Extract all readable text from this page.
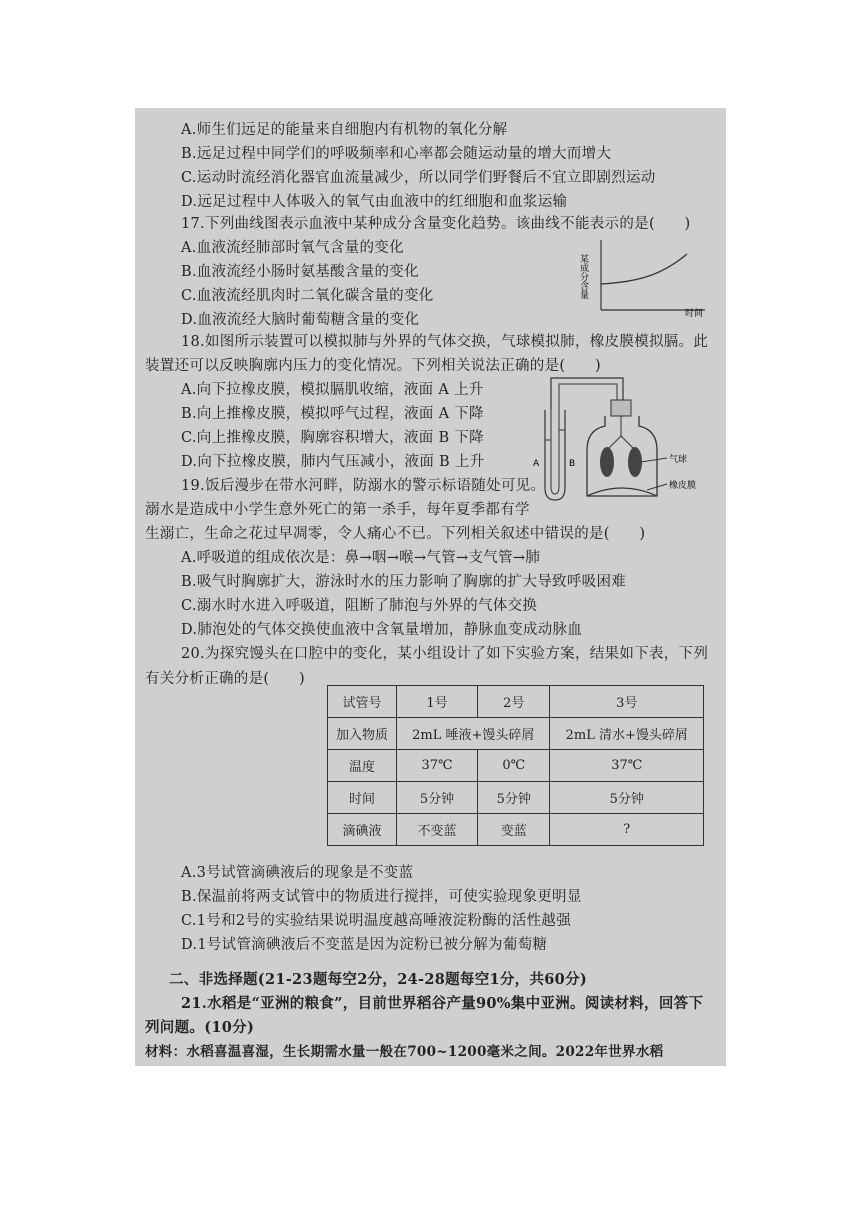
A.师生们远足的能量来自细胞内有机物的氧化分解
B.远足过程中同学们的呼吸频率和心率都会随运动量的增大而增大
C.运动时流经消化器官血流量减少，所以同学们野餐后不宜立即剧烈运动
D.远足过程中人体吸入的氧气由血液中的红细胞和血浆运输
17.下列曲线图表示血液中某种成分含量变化趋势。该曲线不能表示的是(　　)
A.血液流经肺部时氧气含量的变化
B.血液流经小肠时氨基酸含量的变化
C.血液流经肌肉时二氧化碳含量的变化
D.血液流经大脑时葡萄糖含量的变化
某成分含量
时间
18.如图所示装置可以模拟肺与外界的气体交换，气球模拟肺，橡皮膜模拟膈。此
装置还可以反映胸廓内压力的变化情况。下列相关说法正确的是(　　)
A.向下拉橡皮膜，模拟膈肌收缩，液面 A 上升
B.向上推橡皮膜，模拟呼气过程，液面 A 下降
C.向上推橡皮膜，胸廓容积增大，液面 B 下降
D.向下拉橡皮膜，肺内气压减小，液面 B 上升	A	B	气球
橡皮膜
19.饭后漫步在带水河畔，防溺水的警示标语随处可见。
溺水是造成中小学生意外死亡的第一杀手，每年夏季都有学
生溺亡，生命之花过早凋零，令人痛心不已。下列相关叙述中错误的是(　　)
A.呼吸道的组成依次是：鼻→咽→喉→气管→支气管→肺
B.吸气时胸廓扩大，游泳时水的压力影响了胸廓的扩大导致呼吸困难
C.溺水时水进入呼吸道，阻断了肺泡与外界的气体交换
D.肺泡处的气体交换使血液中含氧量增加，静脉血变成动脉血
20.为探究馒头在口腔中的变化，某小组设计了如下实验方案，结果如下表，下列
有关分析正确的是(　　)
试管号	1号	2号	3号
加入物质	2mL 唾液+馒头碎屑		2mL 清水+馒头碎屑
温度	37℃	0℃	37℃
时间	5分钟	5分钟	5分钟
滴碘液	不变蓝	变蓝	?
A.3号试管滴碘液后的现象是不变蓝
B.保温前将两支试管中的物质进行搅拌，可使实验现象更明显
C.1号和2号的实验结果说明温度越高唾液淀粉酶的活性越强
D.1号试管滴碘液后不变蓝是因为淀粉已被分解为葡萄糖
二、非选择题(21-23题每空2分，24-28题每空1分，共60分)
21.水稻是“亚洲的粮食”，目前世界稻谷产量90%集中亚洲。阅读材料，回答下
列问题。(10分)
材料：水稻喜温喜湿，生长期需水量一般在700~1200毫米之间。2022年世界水稻
